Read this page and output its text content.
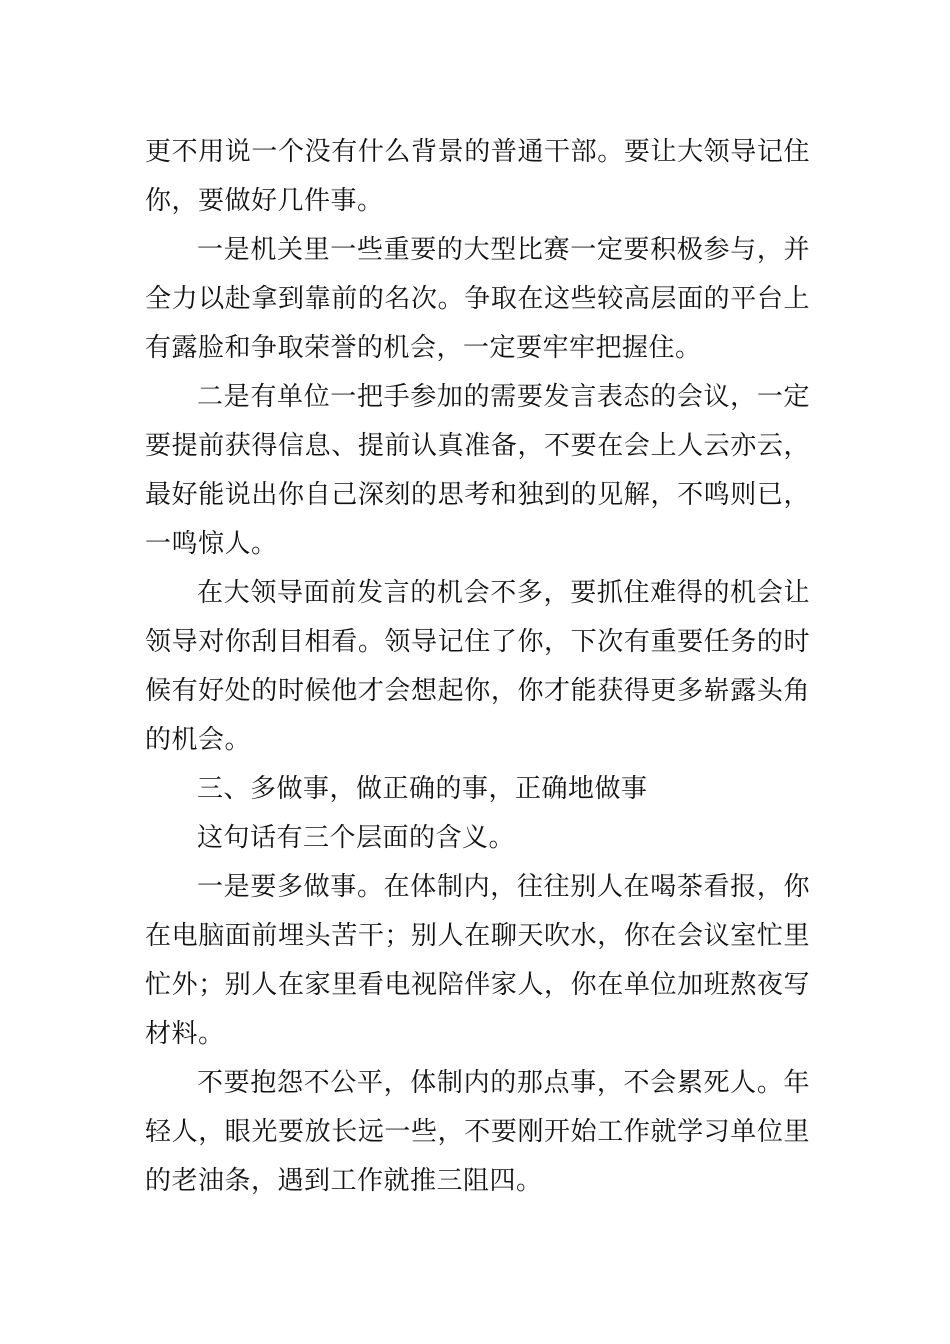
更不用说一个没有什么背景的普通干部。要让大领导记住你，要做好几件事。

一是机关里一些重要的大型比赛一定要积极参与，并全力以赴拿到靠前的名次。争取在这些较高层面的平台上有露脸和争取荣誉的机会，一定要牢牢把握住。

二是有单位一把手参加的需要发言表态的会议，一定要提前获得信息、提前认真准备，不要在会上人云亦云，最好能说出你自己深刻的思考和独到的见解，不鸣则已，一鸣惊人。

在大领导面前发言的机会不多，要抓住难得的机会让领导对你刮目相看。领导记住了你，下次有重要任务的时候有好处的时候他才会想起你，你才能获得更多崭露头角的机会。

三、多做事，做正确的事，正确地做事

这句话有三个层面的含义。

一是要多做事。在体制内，往往别人在喝茶看报，你在电脑面前埋头苦干；别人在聊天吹水，你在会议室忙里忙外；别人在家里看电视陪伴家人，你在单位加班熬夜写材料。

不要抱怨不公平，体制内的那点事，不会累死人。年轻人，眼光要放长远一些，不要刚开始工作就学习单位里的老油条，遇到工作就推三阻四。
